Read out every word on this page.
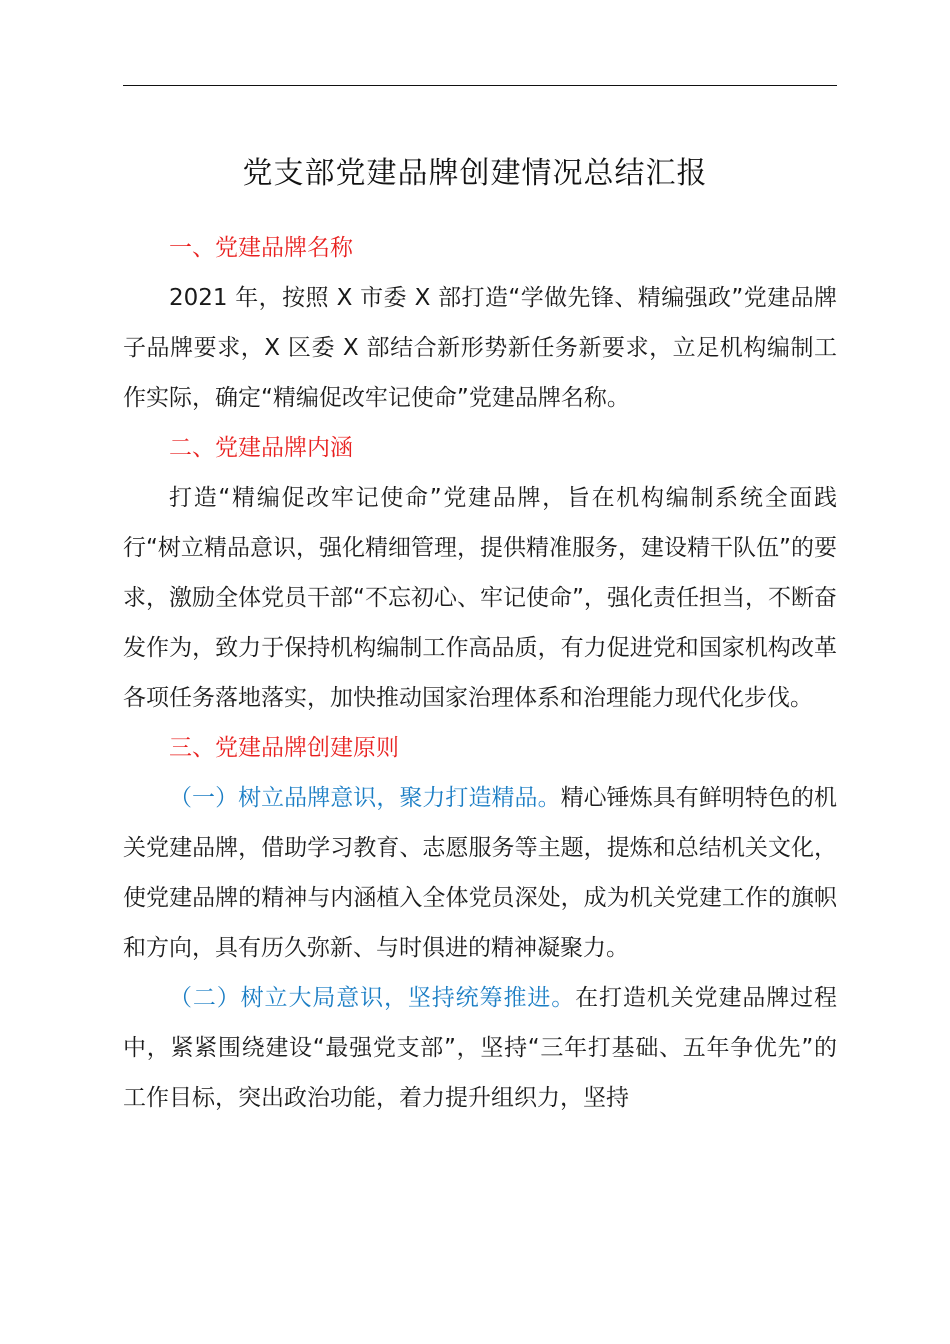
党支部党建品牌创建情况总结汇报

一、党建品牌名称

2021 年，按照 X 市委 X 部打造“学做先锋、精编强政”党建品牌子品牌要求，X 区委 X 部结合新形势新任务新要求，立足机构编制工作实际，确定“精编促改牢记使命”党建品牌名称。

二、党建品牌内涵

打造“精编促改牢记使命”党建品牌，旨在机构编制系统全面践行“树立精品意识，强化精细管理，提供精准服务，建设精干队伍”的要求，激励全体党员干部“不忘初心、牢记使命”，强化责任担当，不断奋发作为，致力于保持机构编制工作高品质，有力促进党和国家机构改革各项任务落地落实，加快推动国家治理体系和治理能力现代化步伐。

三、党建品牌创建原则

（一）树立品牌意识，聚力打造精品。精心锤炼具有鲜明特色的机关党建品牌，借助学习教育、志愿服务等主题，提炼和总结机关文化，使党建品牌的精神与内涵植入全体党员深处，成为机关党建工作的旗帜和方向，具有历久弥新、与时俱进的精神凝聚力。

（二）树立大局意识，坚持统筹推进。在打造机关党建品牌过程中，紧紧围绕建设“最强党支部”，坚持“三年打基础、五年争优先”的工作目标，突出政治功能，着力提升组织力，坚持
